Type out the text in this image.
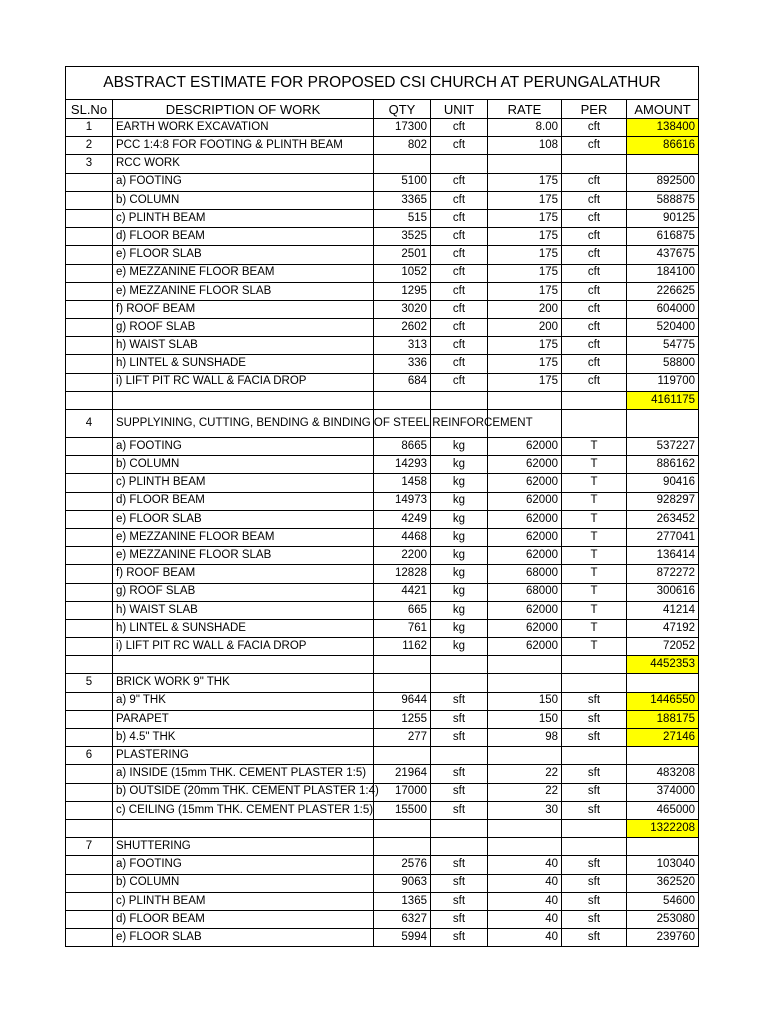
ABSTRACT ESTIMATE FOR PROPOSED CSI CHURCH AT PERUNGALATHUR						
SL.No	DESCRIPTION OF WORK	QTY	UNIT	RATE	PER	AMOUNT
1	EARTH WORK EXCAVATION	17300	cft	8.00	cft	138400
2	PCC 1:4:8 FOR FOOTING & PLINTH BEAM	802	cft	108	cft	86616
3	RCC WORK					
	a) FOOTING	5100	cft	175	cft	892500
	b) COLUMN	3365	cft	175	cft	588875
	c) PLINTH BEAM	515	cft	175	cft	90125
	d) FLOOR BEAM	3525	cft	175	cft	616875
	e) FLOOR SLAB	2501	cft	175	cft	437675
	e) MEZZANINE FLOOR BEAM	1052	cft	175	cft	184100
	e) MEZZANINE FLOOR SLAB	1295	cft	175	cft	226625
	f) ROOF BEAM	3020	cft	200	cft	604000
	g) ROOF SLAB	2602	cft	200	cft	520400
	h) WAIST SLAB	313	cft	175	cft	54775
	h) LINTEL & SUNSHADE	336	cft	175	cft	58800
	i) LIFT PIT RC WALL & FACIA DROP	684	cft	175	cft	119700
						4161175
4	SUPPLYINING, CUTTING, BENDING & BINDING OF STEEL REINFORCEMENT					
	a) FOOTING	8665	kg	62000	T	537227
	b) COLUMN	14293	kg	62000	T	886162
	c) PLINTH BEAM	1458	kg	62000	T	90416
	d) FLOOR BEAM	14973	kg	62000	T	928297
	e) FLOOR SLAB	4249	kg	62000	T	263452
	e) MEZZANINE FLOOR BEAM	4468	kg	62000	T	277041
	e) MEZZANINE FLOOR SLAB	2200	kg	62000	T	136414
	f) ROOF BEAM	12828	kg	68000	T	872272
	g) ROOF SLAB	4421	kg	68000	T	300616
	h) WAIST SLAB	665	kg	62000	T	41214
	h) LINTEL & SUNSHADE	761	kg	62000	T	47192
	i) LIFT PIT RC WALL & FACIA DROP	1162	kg	62000	T	72052
						4452353
5	BRICK WORK 9" THK					
	a) 9" THK	9644	sft	150	sft	1446550
	PARAPET	1255	sft	150	sft	188175
	b) 4.5" THK	277	sft	98	sft	27146
6	PLASTERING					
	a) INSIDE (15mm THK. CEMENT PLASTER 1:5)	21964	sft	22	sft	483208
	b) OUTSIDE (20mm THK. CEMENT PLASTER 1:4)	17000	sft	22	sft	374000
	c) CEILING (15mm THK. CEMENT PLASTER 1:5)	15500	sft	30	sft	465000
						1322208
7	SHUTTERING					
	a) FOOTING	2576	sft	40	sft	103040
	b) COLUMN	9063	sft	40	sft	362520
	c) PLINTH BEAM	1365	sft	40	sft	54600
	d) FLOOR BEAM	6327	sft	40	sft	253080
	e) FLOOR SLAB	5994	sft	40	sft	239760
